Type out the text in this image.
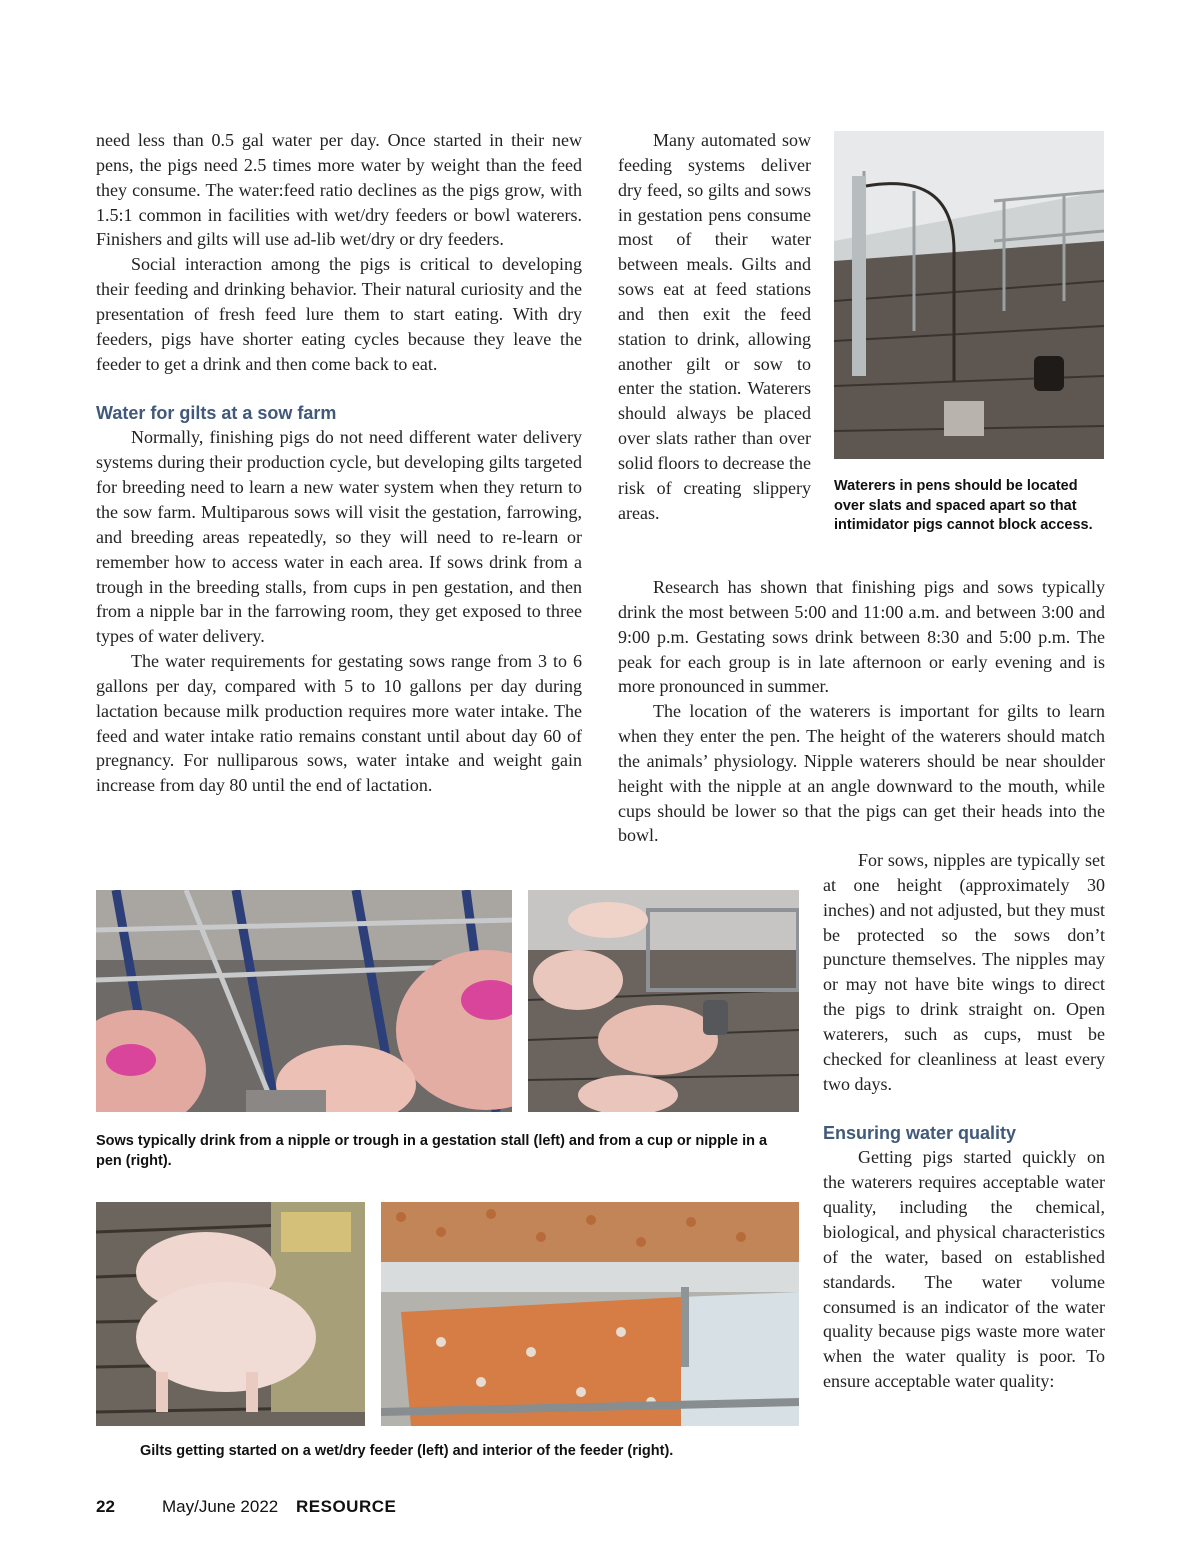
need less than 0.5 gal water per day. Once started in their new pens, the pigs need 2.5 times more water by weight than the feed they consume. The water:feed ratio declines as the pigs grow, with 1.5:1 common in facilities with wet/dry feeders or bowl waterers. Finishers and gilts will use ad-lib wet/dry or dry feeders.

Social interaction among the pigs is critical to developing their feeding and drinking behavior. Their natural curiosity and the presentation of fresh feed lure them to start eating. With dry feeders, pigs have shorter eating cycles because they leave the feeder to get a drink and then come back to eat.

Water for gilts at a sow farm

Normally, finishing pigs do not need different water delivery systems during their production cycle, but developing gilts targeted for breeding need to learn a new water system when they return to the sow farm. Multiparous sows will visit the gestation, farrowing, and breeding areas repeatedly, so they will need to re-learn or remember how to access water in each area. If sows drink from a trough in the breeding stalls, from cups in pen gestation, and then from a nipple bar in the farrowing room, they get exposed to three types of water delivery.

The water requirements for gestating sows range from 3 to 6 gallons per day, compared with 5 to 10 gallons per day during lactation because milk production requires more water intake. The feed and water intake ratio remains constant until about day 60 of pregnancy. For nulliparous sows, water intake and weight gain increase from day 80 until the end of lactation.

Many automated sow feeding systems deliver dry feed, so gilts and sows in gestation pens consume most of their water between meals. Gilts and sows eat at feed stations and then exit the feed station to drink, allowing another gilt or sow to enter the station. Waterers should always be placed over slats rather than over solid floors to decrease the risk of creating slippery areas.

Waterers in pens should be located over slats and spaced apart so that intimidator pigs cannot block access.

Research has shown that finishing pigs and sows typically drink the most between 5:00 and 11:00 a.m. and between 3:00 and 9:00 p.m. Gestating sows drink between 8:30 and 5:00 p.m. The peak for each group is in late afternoon or early evening and is more pronounced in summer.

The location of the waterers is important for gilts to learn when they enter the pen. The height of the waterers should match the animals’ physiology. Nipple waterers should be near shoulder height with the nipple at an angle downward to the mouth, while cups should be lower so that the pigs can get their heads into the bowl.

For sows, nipples are typically set at one height (approximately 30 inches) and not adjusted, but they must be protected so the sows don’t puncture themselves. The nipples may or may not have bite wings to direct the pigs to drink straight on. Open waterers, such as cups, must be checked for cleanliness at least every two days.

Ensuring water quality

Getting pigs started quickly on the waterers requires acceptable water quality, including the chemical, biological, and physical characteristics of the water, based on established standards. The water volume consumed is an indicator of the water quality because pigs waste more water when the water quality is poor. To ensure acceptable water quality:

Sows typically drink from a nipple or trough in a gestation stall (left) and from a cup or nipple in a pen (right).

Gilts getting started on a wet/dry feeder (left) and interior of the feeder (right).

22	May/June 2022 RESOURCE
